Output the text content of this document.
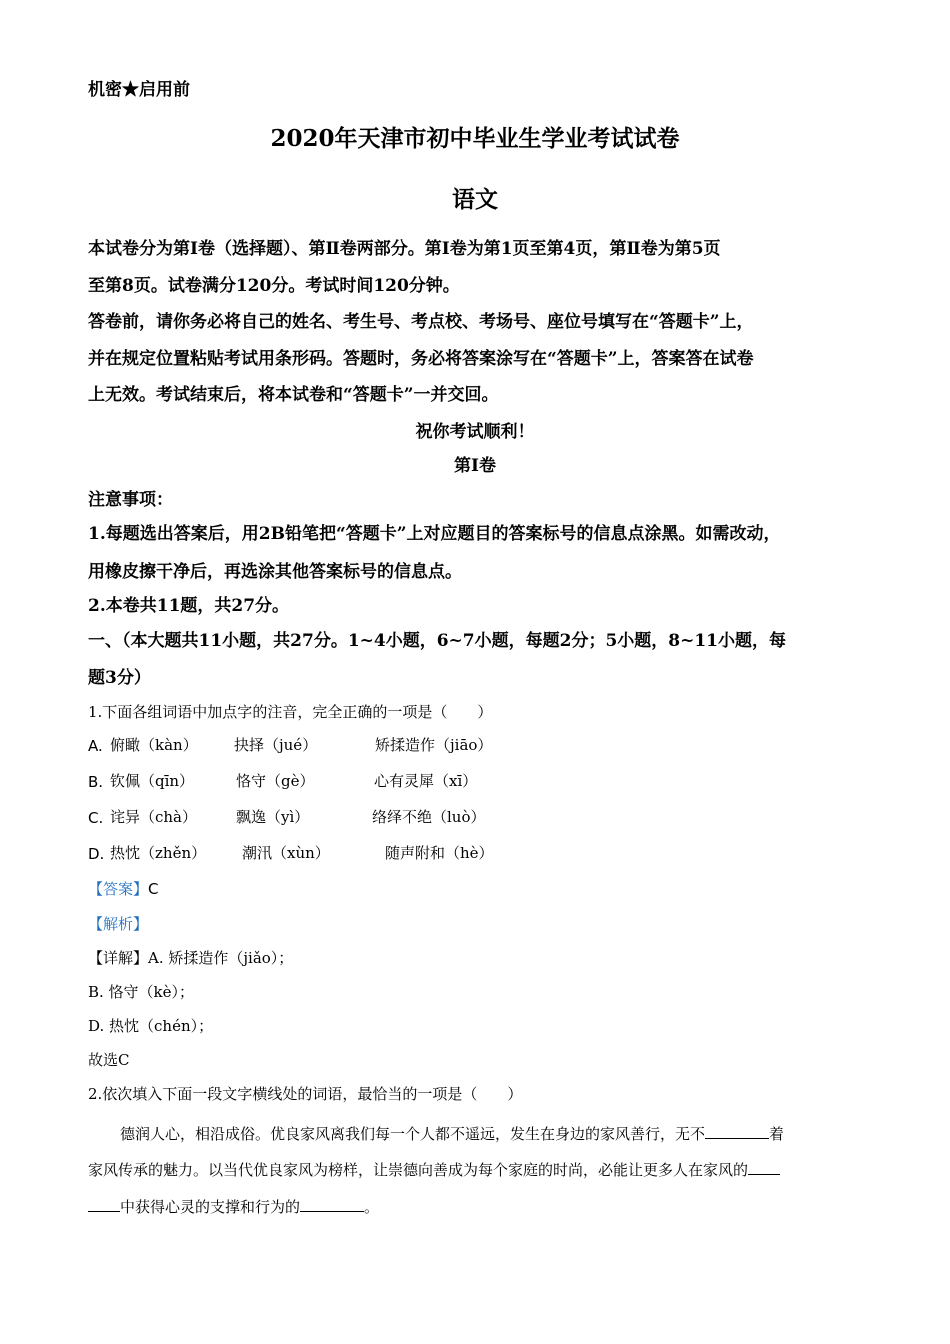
机密★启用前
2020年天津市初中毕业生学业考试试卷
语文
本试卷分为第Ⅰ卷（选择题）、第Ⅱ卷两部分。第Ⅰ卷为第1页至第4页，第Ⅱ卷为第5页
至第8页。试卷满分120分。考试时间120分钟。
答卷前，请你务必将自己的姓名、考生号、考点校、考场号、座位号填写在“答题卡”上，
并在规定位置粘贴考试用条形码。答题时，务必将答案涂写在“答题卡”上，答案答在试卷
上无效。考试结束后，将本试卷和“答题卡”一并交回。
祝你考试顺利！
第Ⅰ卷
注意事项：
1.每题选出答案后，用2B铅笔把“答题卡”上对应题目的答案标号的信息点涂黑。如需改动，
用橡皮擦干净后，再选涂其他答案标号的信息点。
2.本卷共11题，共27分。
一、（本大题共11小题，共27分。1~4小题，6~7小题，每题2分；5小题，8~11小题，每
题3分）
1.下面各组词语中加点字的注音，完全正确的一项是（　　）
A. 俯瞰（kàn） 抉择（jué）	矫揉造作（jiāo）
B. 钦佩（qīn）	恪守（gè）	心有灵犀（xī）
C. 诧异（chà）	飘逸（yì）	络绎不绝（luò）
D. 热忱（zhěn） 潮汛（xùn）	随声附和（hè）
【答案】C
【解析】
【详解】A. 矫揉造作（jiǎo）；
B. 恪守（kè）；
D. 热忱（chén）；
故选C
2.依次填入下面一段文字横线处的词语，最恰当的一项是（　　）
德润人心，相沿成俗。优良家风离我们每一个人都不遥远，发生在身边的家风善行，无不	着
家风传承的魅力。以当代优良家风为榜样，让崇德向善成为每个家庭的时尚，必能让更多人在家风的
中获得心灵的支撑和行为的	。
